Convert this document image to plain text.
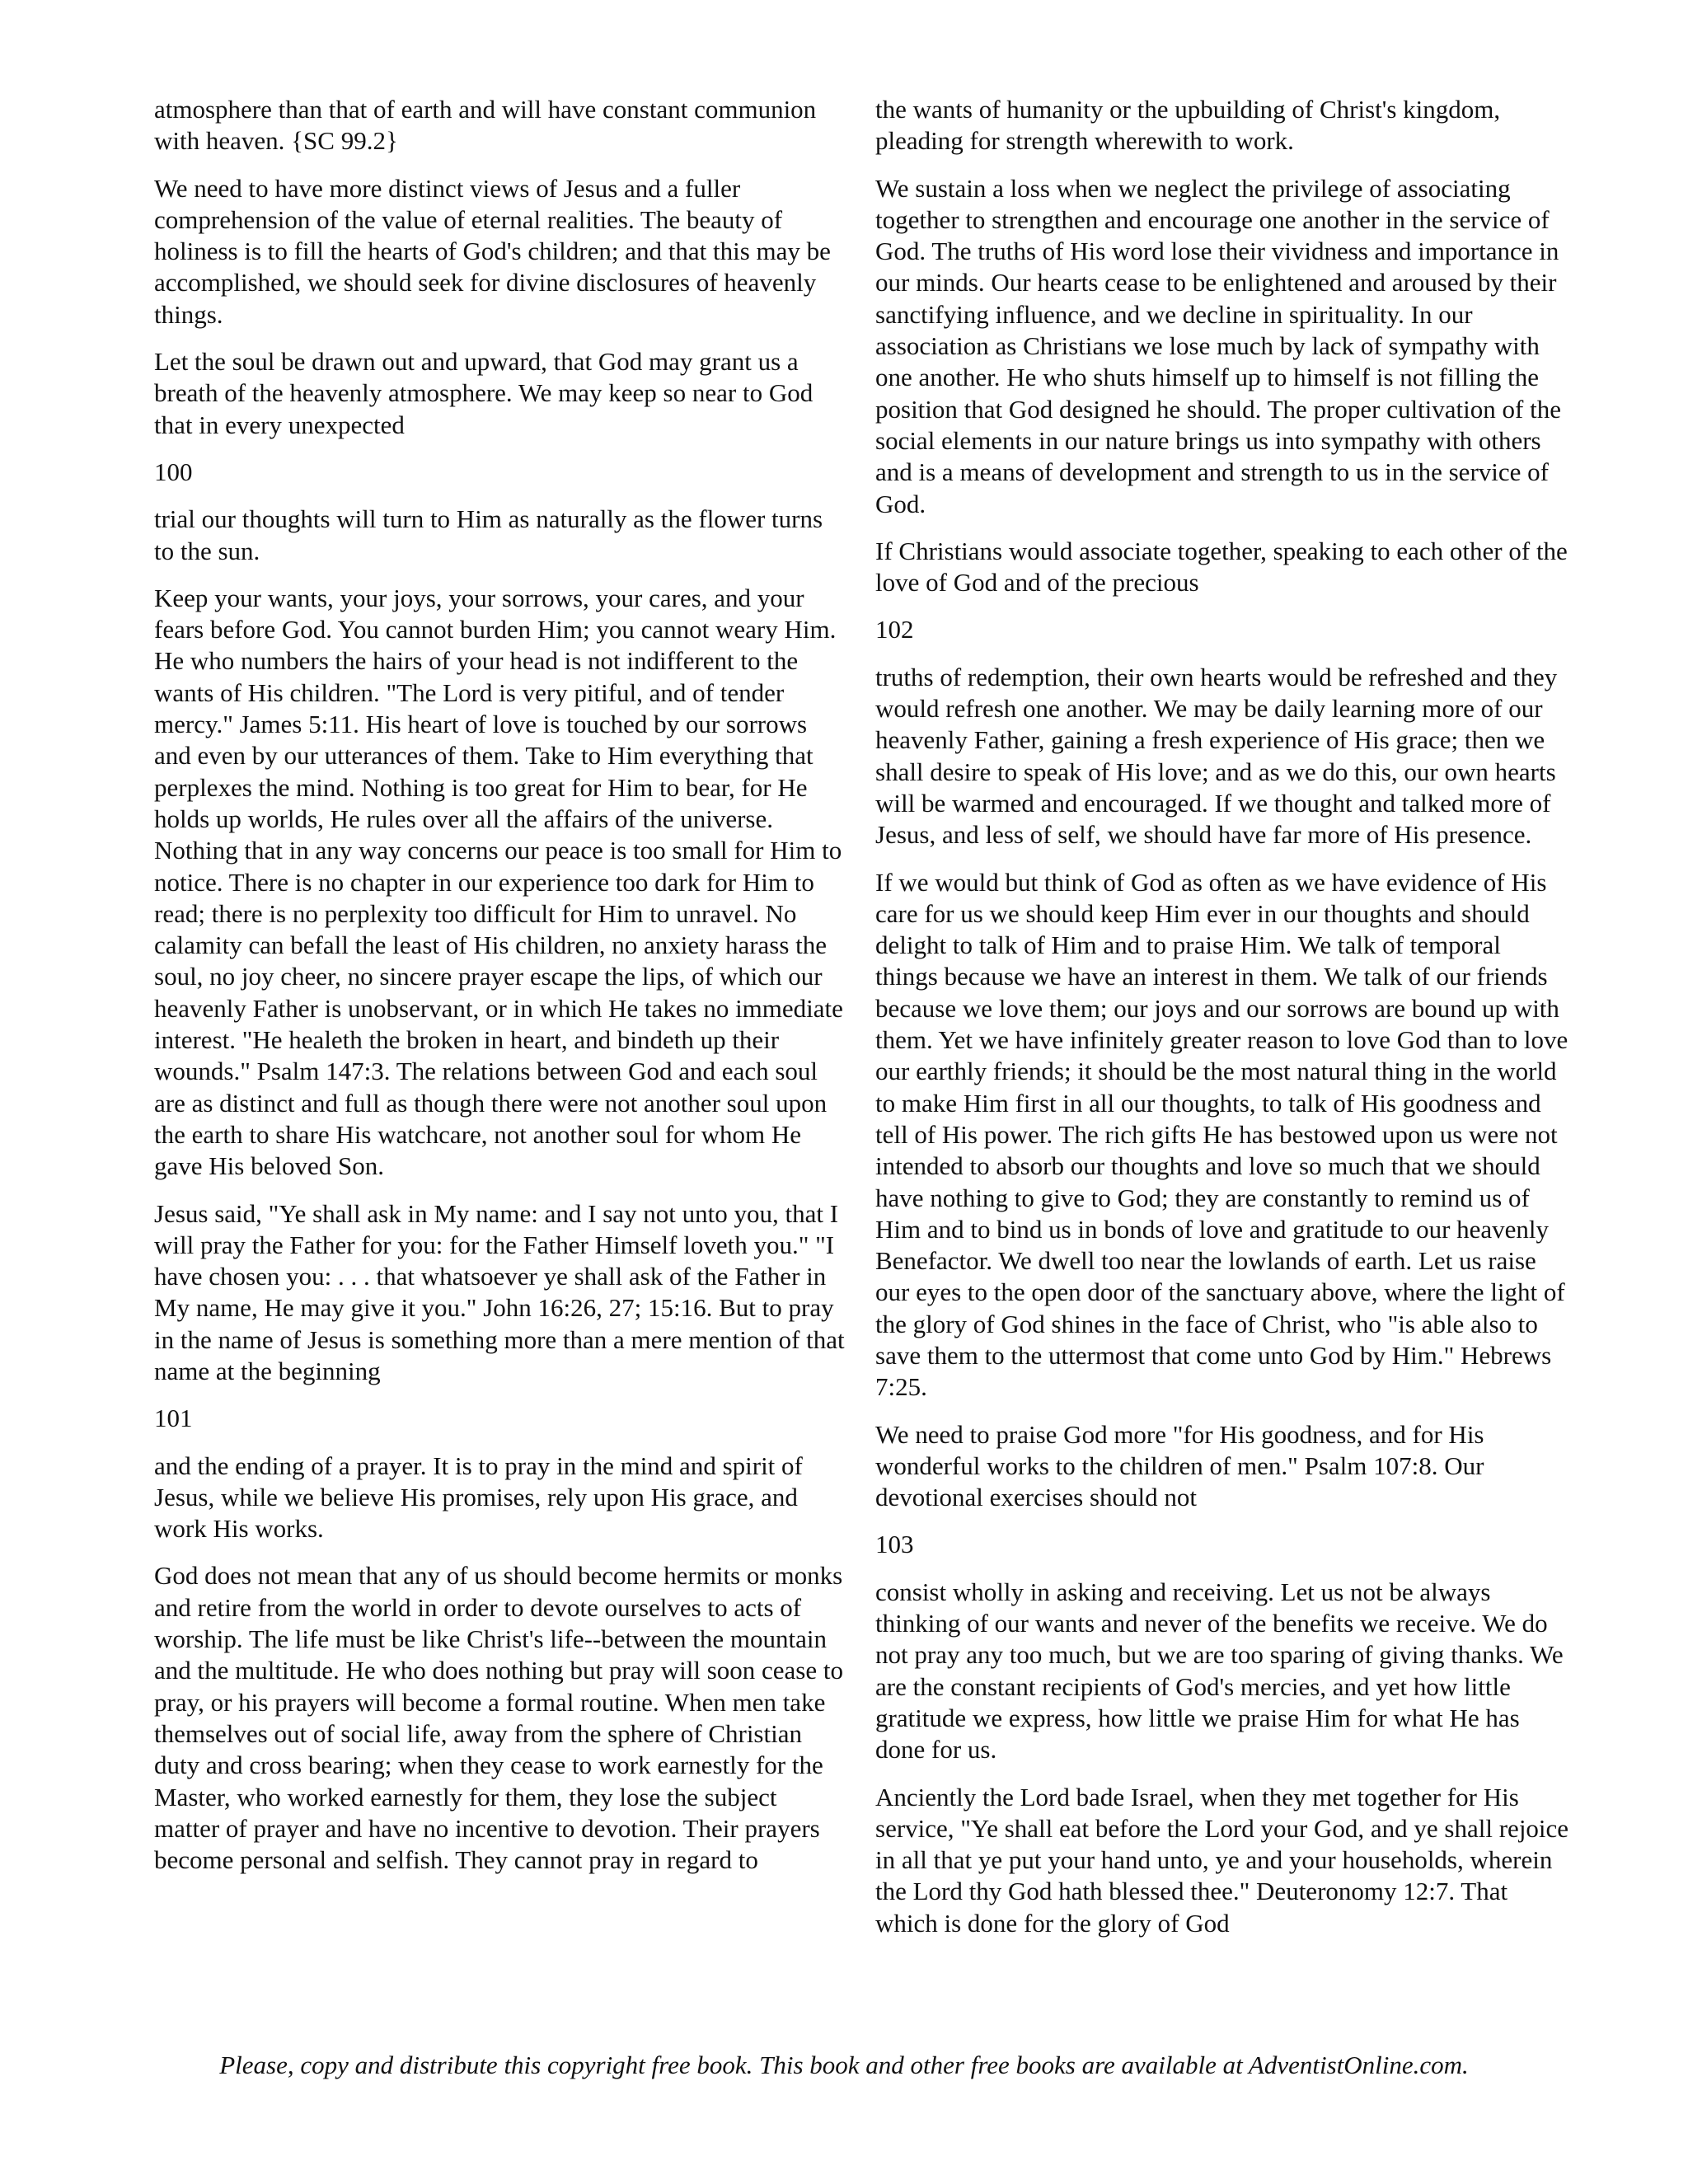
atmosphere than that of earth and will have constant communion with heaven. {SC 99.2}

We need to have more distinct views of Jesus and a fuller comprehension of the value of eternal realities. The beauty of holiness is to fill the hearts of God's children; and that this may be accomplished, we should seek for divine disclosures of heavenly things.

Let the soul be drawn out and upward, that God may grant us a breath of the heavenly atmosphere. We may keep so near to God that in every unexpected

100

trial our thoughts will turn to Him as naturally as the flower turns to the sun.

Keep your wants, your joys, your sorrows, your cares, and your fears before God. You cannot burden Him; you cannot weary Him. He who numbers the hairs of your head is not indifferent to the wants of His children. "The Lord is very pitiful, and of tender mercy." James 5:11. His heart of love is touched by our sorrows and even by our utterances of them. Take to Him everything that perplexes the mind. Nothing is too great for Him to bear, for He holds up worlds, He rules over all the affairs of the universe. Nothing that in any way concerns our peace is too small for Him to notice. There is no chapter in our experience too dark for Him to read; there is no perplexity too difficult for Him to unravel. No calamity can befall the least of His children, no anxiety harass the soul, no joy cheer, no sincere prayer escape the lips, of which our heavenly Father is unobservant, or in which He takes no immediate interest. "He healeth the broken in heart, and bindeth up their wounds." Psalm 147:3. The relations between God and each soul are as distinct and full as though there were not another soul upon the earth to share His watchcare, not another soul for whom He gave His beloved Son.

Jesus said, "Ye shall ask in My name: and I say not unto you, that I will pray the Father for you: for the Father Himself loveth you." "I have chosen you: . . . that whatsoever ye shall ask of the Father in My name, He may give it you." John 16:26, 27; 15:16. But to pray in the name of Jesus is something more than a mere mention of that name at the beginning

101

and the ending of a prayer. It is to pray in the mind and spirit of Jesus, while we believe His promises, rely upon His grace, and work His works.

God does not mean that any of us should become hermits or monks and retire from the world in order to devote ourselves to acts of worship. The life must be like Christ's life--between the mountain and the multitude. He who does nothing but pray will soon cease to pray, or his prayers will become a formal routine. When men take themselves out of social life, away from the sphere of Christian duty and cross bearing; when they cease to work earnestly for the Master, who worked earnestly for them, they lose the subject matter of prayer and have no incentive to devotion. Their prayers become personal and selfish. They cannot pray in regard to

the wants of humanity or the upbuilding of Christ's kingdom, pleading for strength wherewith to work.

We sustain a loss when we neglect the privilege of associating together to strengthen and encourage one another in the service of God. The truths of His word lose their vividness and importance in our minds. Our hearts cease to be enlightened and aroused by their sanctifying influence, and we decline in spirituality. In our association as Christians we lose much by lack of sympathy with one another. He who shuts himself up to himself is not filling the position that God designed he should. The proper cultivation of the social elements in our nature brings us into sympathy with others and is a means of development and strength to us in the service of God.

If Christians would associate together, speaking to each other of the love of God and of the precious

102

truths of redemption, their own hearts would be refreshed and they would refresh one another. We may be daily learning more of our heavenly Father, gaining a fresh experience of His grace; then we shall desire to speak of His love; and as we do this, our own hearts will be warmed and encouraged. If we thought and talked more of Jesus, and less of self, we should have far more of His presence.

If we would but think of God as often as we have evidence of His care for us we should keep Him ever in our thoughts and should delight to talk of Him and to praise Him. We talk of temporal things because we have an interest in them. We talk of our friends because we love them; our joys and our sorrows are bound up with them. Yet we have infinitely greater reason to love God than to love our earthly friends; it should be the most natural thing in the world to make Him first in all our thoughts, to talk of His goodness and tell of His power. The rich gifts He has bestowed upon us were not intended to absorb our thoughts and love so much that we should have nothing to give to God; they are constantly to remind us of Him and to bind us in bonds of love and gratitude to our heavenly Benefactor. We dwell too near the lowlands of earth. Let us raise our eyes to the open door of the sanctuary above, where the light of the glory of God shines in the face of Christ, who "is able also to save them to the uttermost that come unto God by Him." Hebrews 7:25.

We need to praise God more "for His goodness, and for His wonderful works to the children of men." Psalm 107:8. Our devotional exercises should not

103

consist wholly in asking and receiving. Let us not be always thinking of our wants and never of the benefits we receive. We do not pray any too much, but we are too sparing of giving thanks. We are the constant recipients of God's mercies, and yet how little gratitude we express, how little we praise Him for what He has done for us.

Anciently the Lord bade Israel, when they met together for His service, "Ye shall eat before the Lord your God, and ye shall rejoice in all that ye put your hand unto, ye and your households, wherein the Lord thy God hath blessed thee." Deuteronomy 12:7. That which is done for the glory of God

Please, copy and distribute this copyright free book. This book and other free books are available at AdventistOnline.com.
